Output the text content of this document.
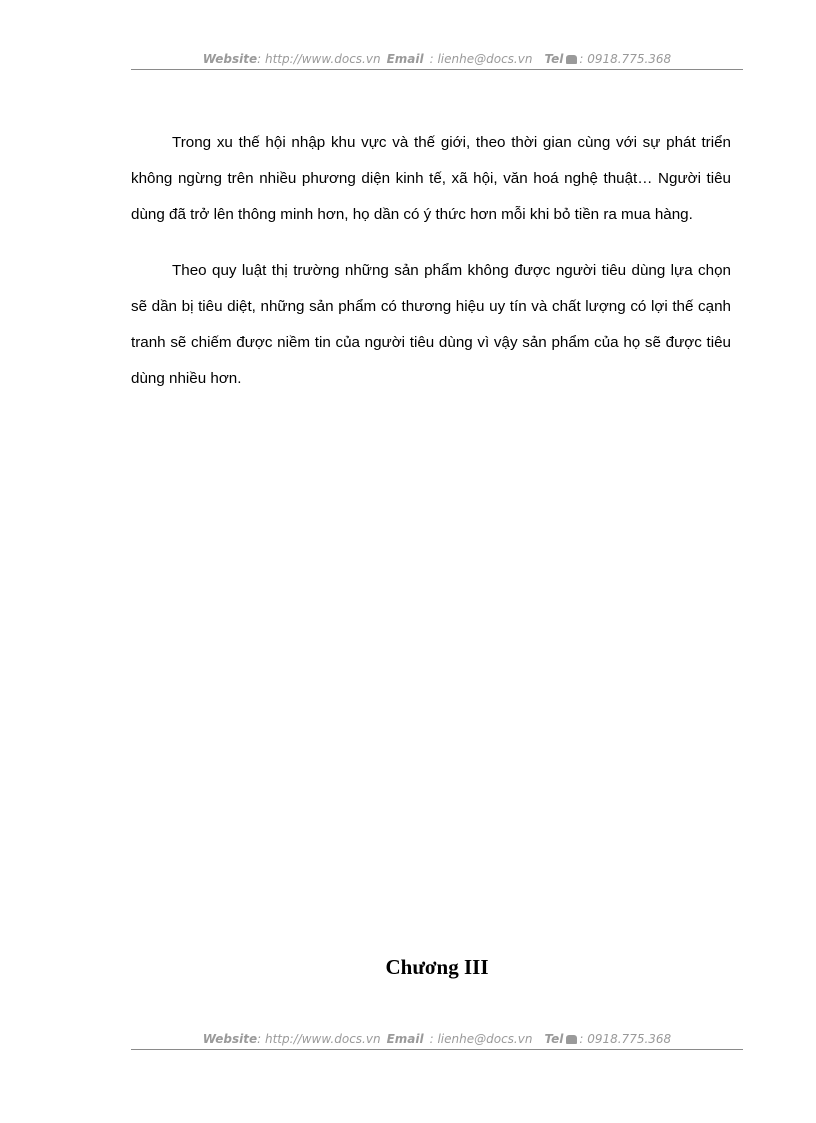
Website: http://www.docs.vn Email : lienhe@docs.vn Tel : 0918.775.368

Trong xu thế hội nhập khu vực và thế giới, theo thời gian cùng với sự phát triển không ngừng trên nhiều phương diện kinh tế, xã hội, văn hoá nghệ thuật… Người tiêu dùng đã trở lên thông minh hơn, họ dần có ý thức hơn mỗi khi bỏ tiền ra mua hàng.

Theo quy luật thị trường những sản phẩm không được người tiêu dùng lựa chọn sẽ dần bị tiêu diệt, những sản phẩm có thương hiệu uy tín và chất lượng có lợi thế cạnh tranh sẽ chiếm được niềm tin của người tiêu dùng vì vậy sản phẩm của họ sẽ được tiêu dùng nhiều hơn.

Chương III
Website: http://www.docs.vn Email : lienhe@docs.vn Tel : 0918.775.368
